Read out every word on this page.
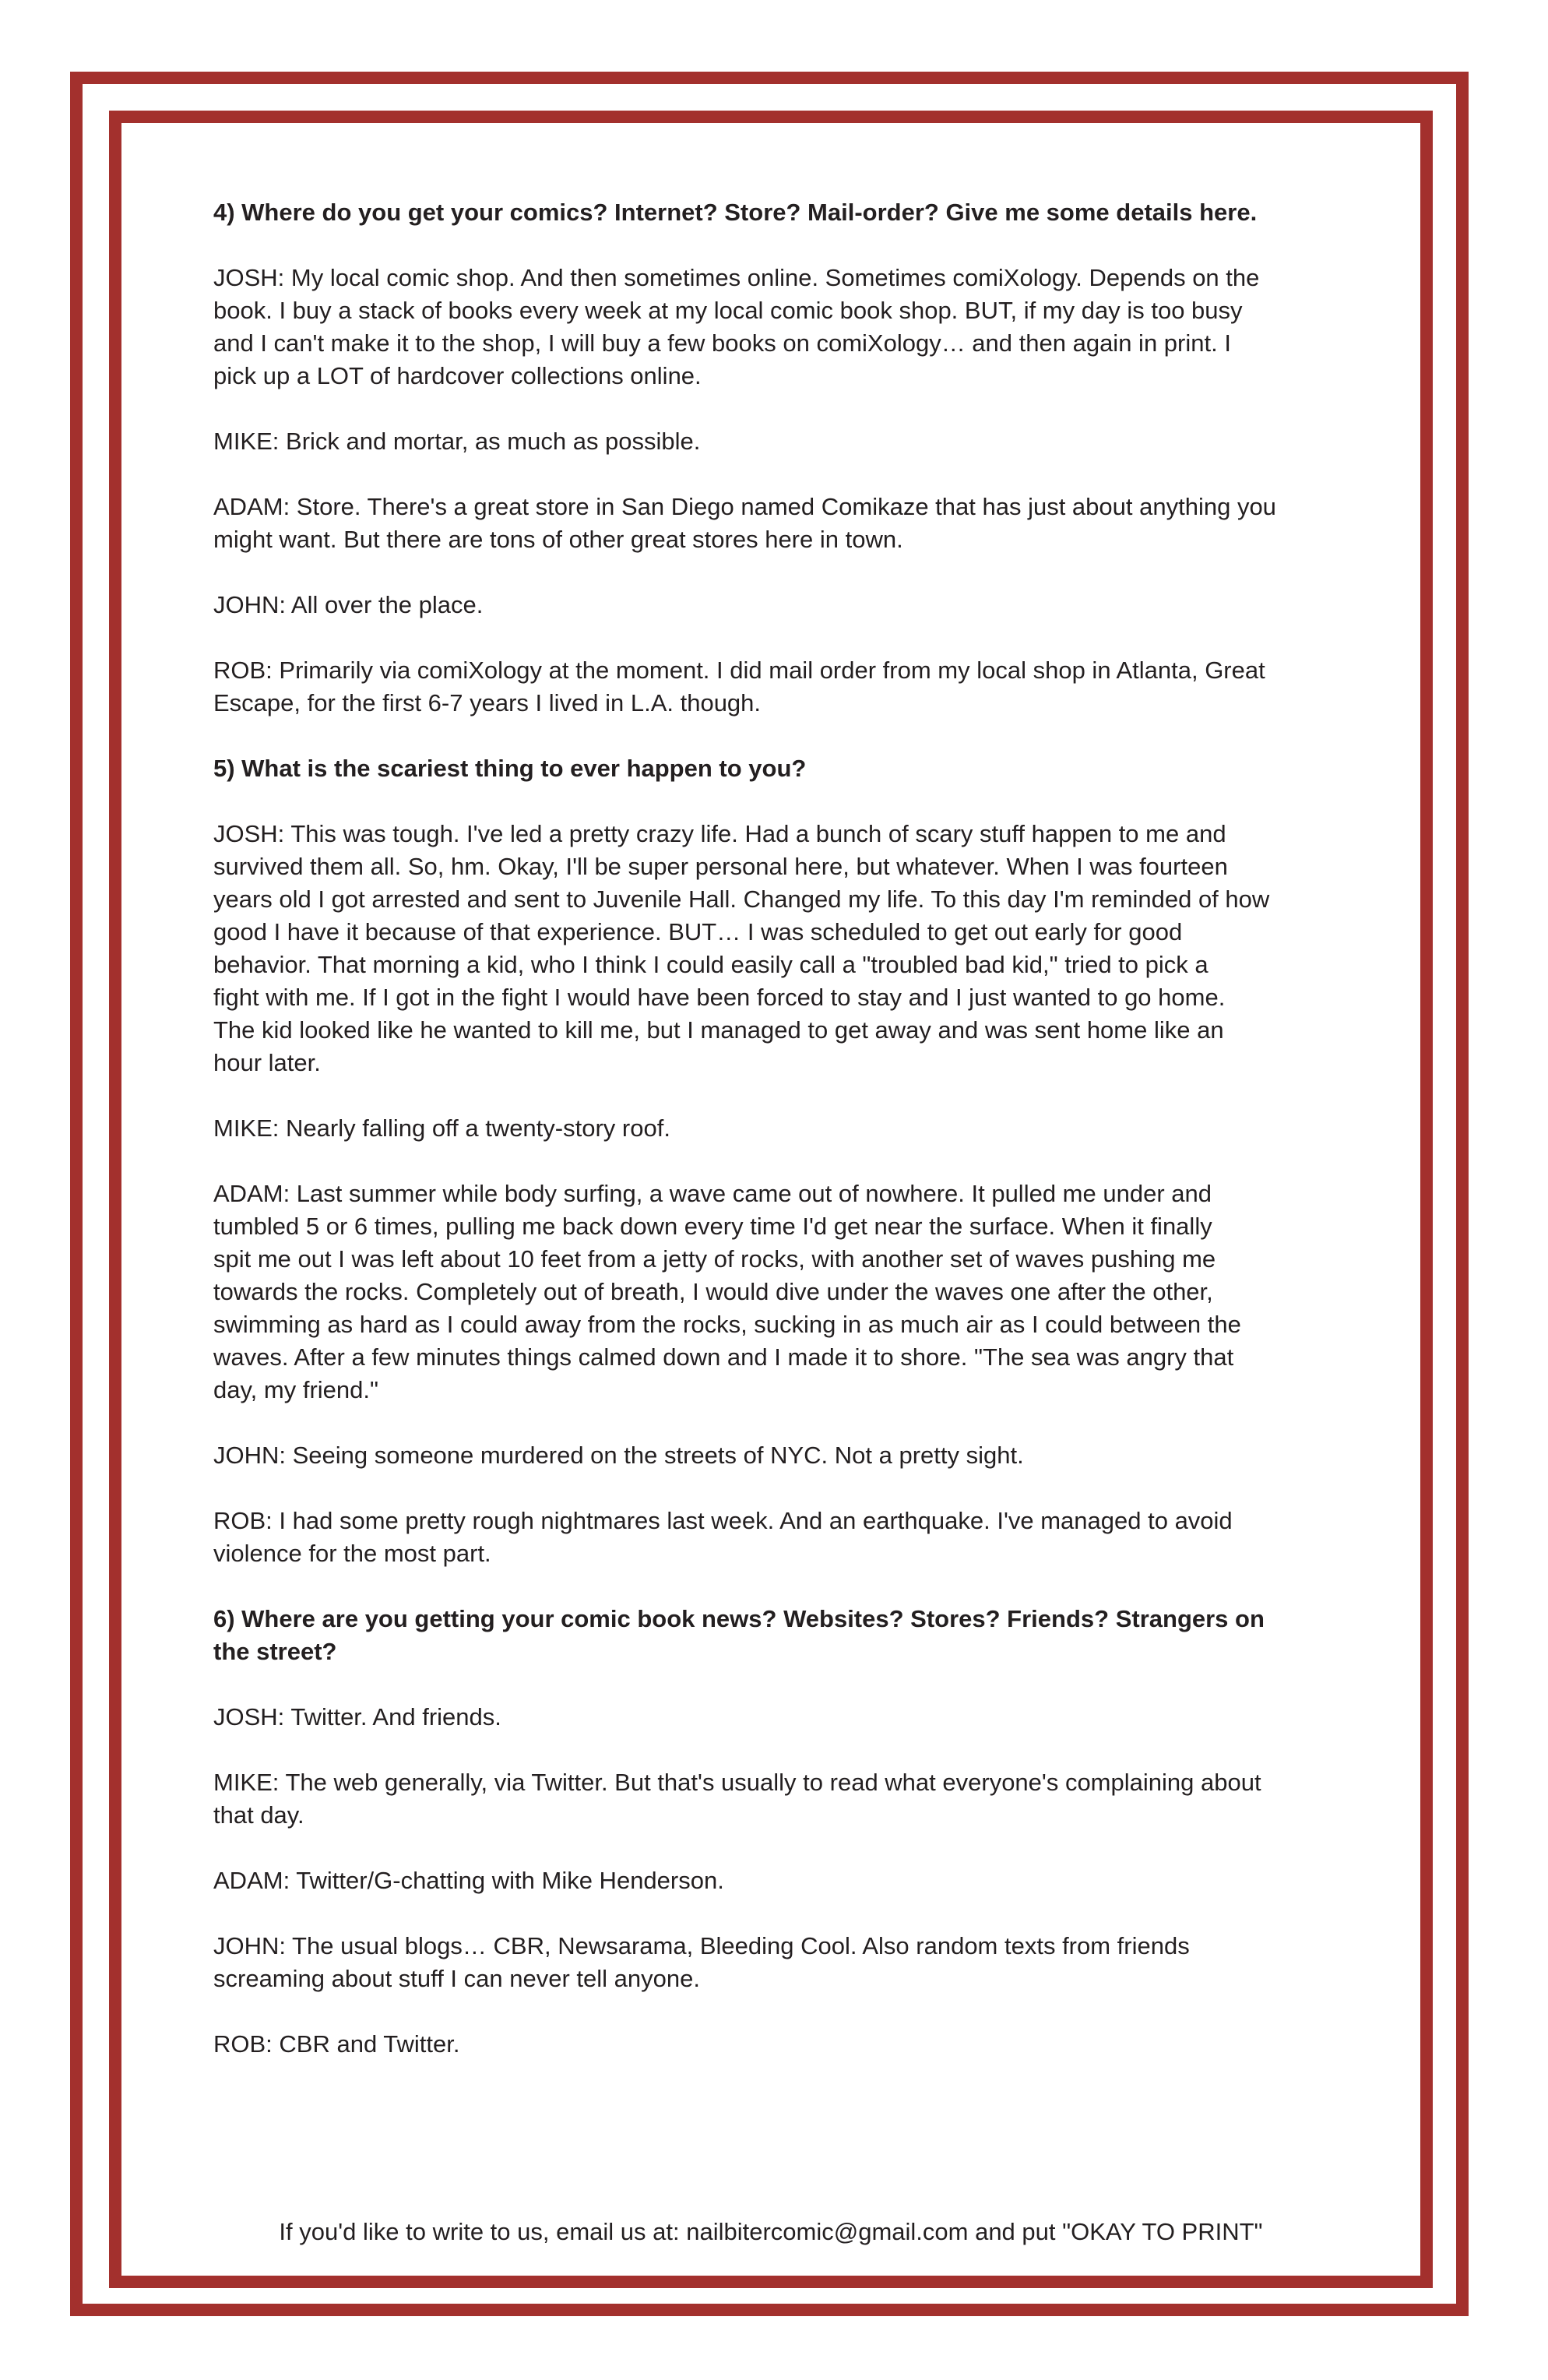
4) Where do you get your comics? Internet? Store? Mail-order? Give me some details here.

JOSH: My local comic shop. And then sometimes online. Sometimes comiXology. Depends on the
book. I buy a stack of books every week at my local comic book shop. BUT, if my day is too busy
and I can't make it to the shop, I will buy a few books on comiXology… and then again in print. I
pick up a LOT of hardcover collections online.

MIKE: Brick and mortar, as much as possible.

ADAM: Store. There's a great store in San Diego named Comikaze that has just about anything you
might want. But there are tons of other great stores here in town.

JOHN: All over the place.

ROB: Primarily via comiXology at the moment. I did mail order from my local shop in Atlanta, Great
Escape, for the first 6-7 years I lived in L.A. though.

5) What is the scariest thing to ever happen to you?

JOSH: This was tough. I've led a pretty crazy life. Had a bunch of scary stuff happen to me and
survived them all. So, hm. Okay, I'll be super personal here, but whatever. When I was fourteen
years old I got arrested and sent to Juvenile Hall. Changed my life. To this day I'm reminded of how
good I have it because of that experience. BUT… I was scheduled to get out early for good
behavior. That morning a kid, who I think I could easily call a "troubled bad kid," tried to pick a
fight with me. If I got in the fight I would have been forced to stay and I just wanted to go home.
The kid looked like he wanted to kill me, but I managed to get away and was sent home like an
hour later.

MIKE: Nearly falling off a twenty-story roof.

ADAM: Last summer while body surfing, a wave came out of nowhere. It pulled me under and
tumbled 5 or 6 times, pulling me back down every time I'd get near the surface. When it finally
spit me out I was left about 10 feet from a jetty of rocks, with another set of waves pushing me
towards the rocks. Completely out of breath, I would dive under the waves one after the other,
swimming as hard as I could away from the rocks, sucking in as much air as I could between the
waves. After a few minutes things calmed down and I made it to shore. "The sea was angry that
day, my friend."

JOHN: Seeing someone murdered on the streets of NYC. Not a pretty sight.

ROB: I had some pretty rough nightmares last week. And an earthquake. I've managed to avoid
violence for the most part.

6) Where are you getting your comic book news? Websites? Stores? Friends? Strangers on
the street?

JOSH: Twitter. And friends.

MIKE: The web generally, via Twitter. But that's usually to read what everyone's complaining about
that day.

ADAM: Twitter/G-chatting with Mike Henderson.

JOHN: The usual blogs… CBR, Newsarama, Bleeding Cool. Also random texts from friends
screaming about stuff I can never tell anyone.

ROB: CBR and Twitter.

If you'd like to write to us, email us at: nailbitercomic@gmail.com and put "OKAY TO PRINT"
